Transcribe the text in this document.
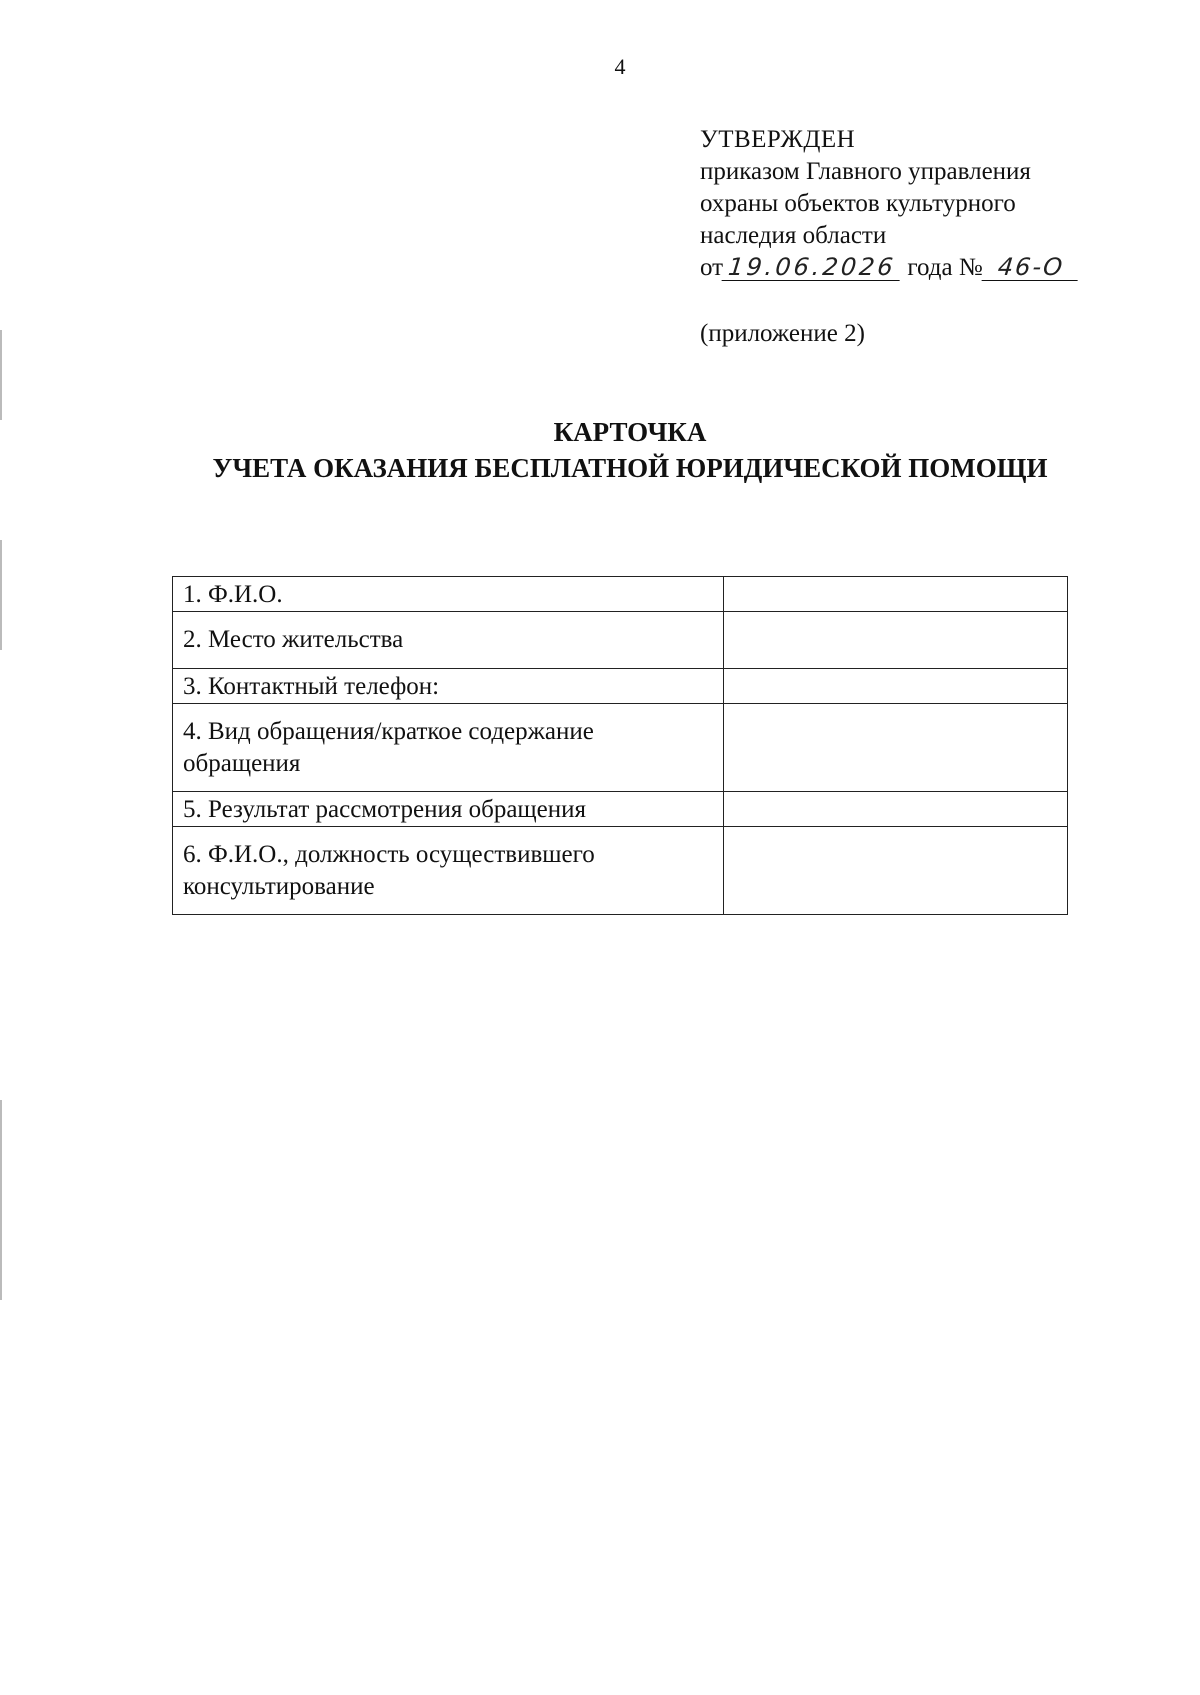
4
УТВЕРЖДЕН
приказом Главного управления
охраны объектов культурного
наследия области
от 19.06.2026 года № 46-О
(приложение 2)
КАРТОЧКА
УЧЕТА ОКАЗАНИЯ БЕСПЛАТНОЙ ЮРИДИЧЕСКОЙ ПОМОЩИ
1. Ф.И.О.	
2. Место жительства	
3. Контактный телефон:	
4. Вид обращения/краткое содержание обращения	
5. Результат рассмотрения обращения	
6. Ф.И.О., должность осуществившего консультирование	
